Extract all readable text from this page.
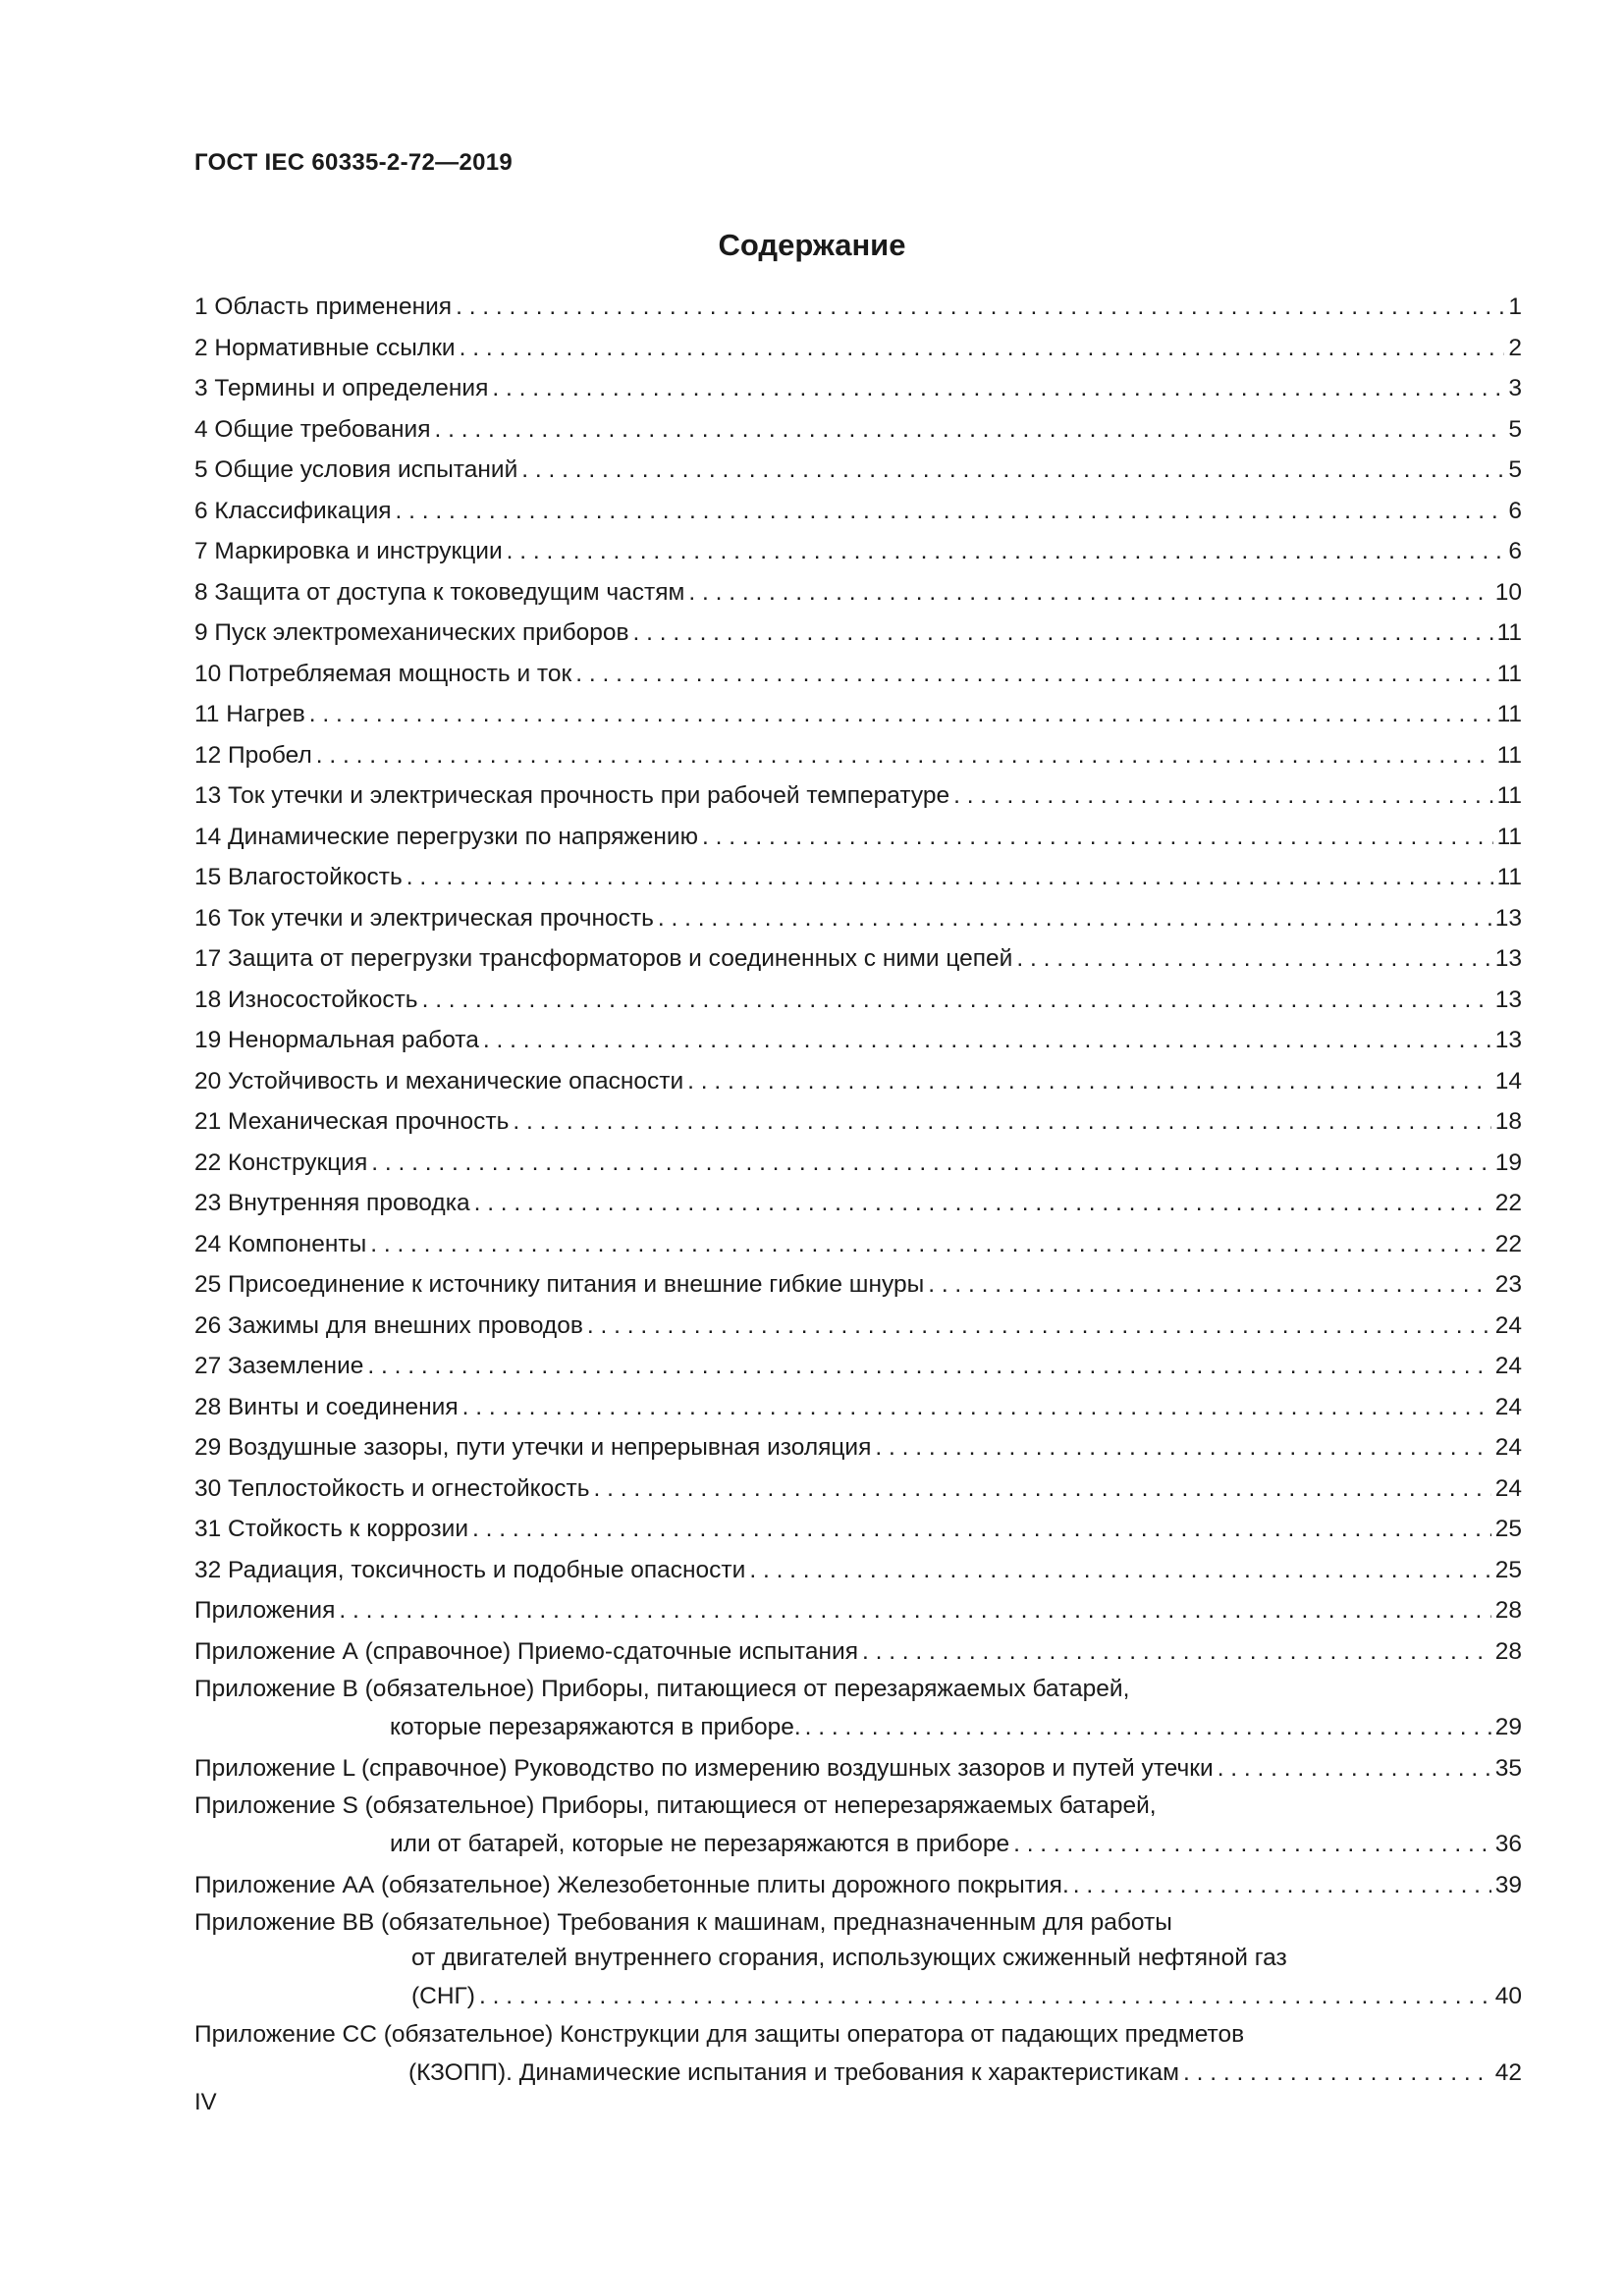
ГОСТ IEC 60335-2-72—2019
Содержание
1 Область применения . . .	1
2 Нормативные ссылки . . .	2
3 Термины и определения . . .	3
4 Общие требования . . .	5
5 Общие условия испытаний . . .	5
6 Классификация . . .	6
7 Маркировка и инструкции . . .	6
8 Защита от доступа к токоведущим частям . . .	10
9 Пуск электромеханических приборов . . .	11
10 Потребляемая мощность и ток . . .	11
11 Нагрев . . .	11
12 Пробел . . .	11
13 Ток утечки и электрическая прочность при рабочей температуре . . .	11
14 Динамические перегрузки по напряжению . . .	11
15 Влагостойкость . . .	11
16 Ток утечки и электрическая прочность . . .	13
17 Защита от перегрузки трансформаторов и соединенных с ними цепей . . .	13
18 Износостойкость . . .	13
19 Ненормальная работа . . .	13
20 Устойчивость и механические опасности . . .	14
21 Механическая прочность . . .	18
22 Конструкция . . .	19
23 Внутренняя проводка . . .	22
24 Компоненты . . .	22
25 Присоединение к источнику питания и внешние гибкие шнуры . . .	23
26 Зажимы для внешних проводов . . .	24
27 Заземление . . .	24
28 Винты и соединения . . .	24
29 Воздушные зазоры, пути утечки и непрерывная изоляция . . .	24
30 Теплостойкость и огнестойкость . . .	24
31 Стойкость к коррозии . . .	25
32 Радиация, токсичность и подобные опасности . . .	25
Приложения . . .	28
Приложение А (справочное) Приемо-сдаточные испытания . . .	28
Приложение В (обязательное) Приборы, питающиеся от перезаряжаемых батарей,
которые перезаряжаются в приборе. . . .	29
Приложение L (справочное) Руководство по измерению воздушных зазоров и путей утечки . . .	35
Приложение S (обязательное) Приборы, питающиеся от неперезаряжаемых батарей,
или от батарей, которые не перезаряжаются в приборе . . .	36
Приложение АА (обязательное) Железобетонные плиты дорожного покрытия. . . .	39
Приложение ВВ (обязательное) Требования к машинам, предназначенным для работы
от двигателей внутреннего сгорания, использующих сжиженный нефтяной газ
(СНГ) . . .	40
Приложение СС (обязательное) Конструкции для защиты оператора от падающих предметов
(КЗОПП). Динамические испытания и требования к характеристикам . . .	42
IV
